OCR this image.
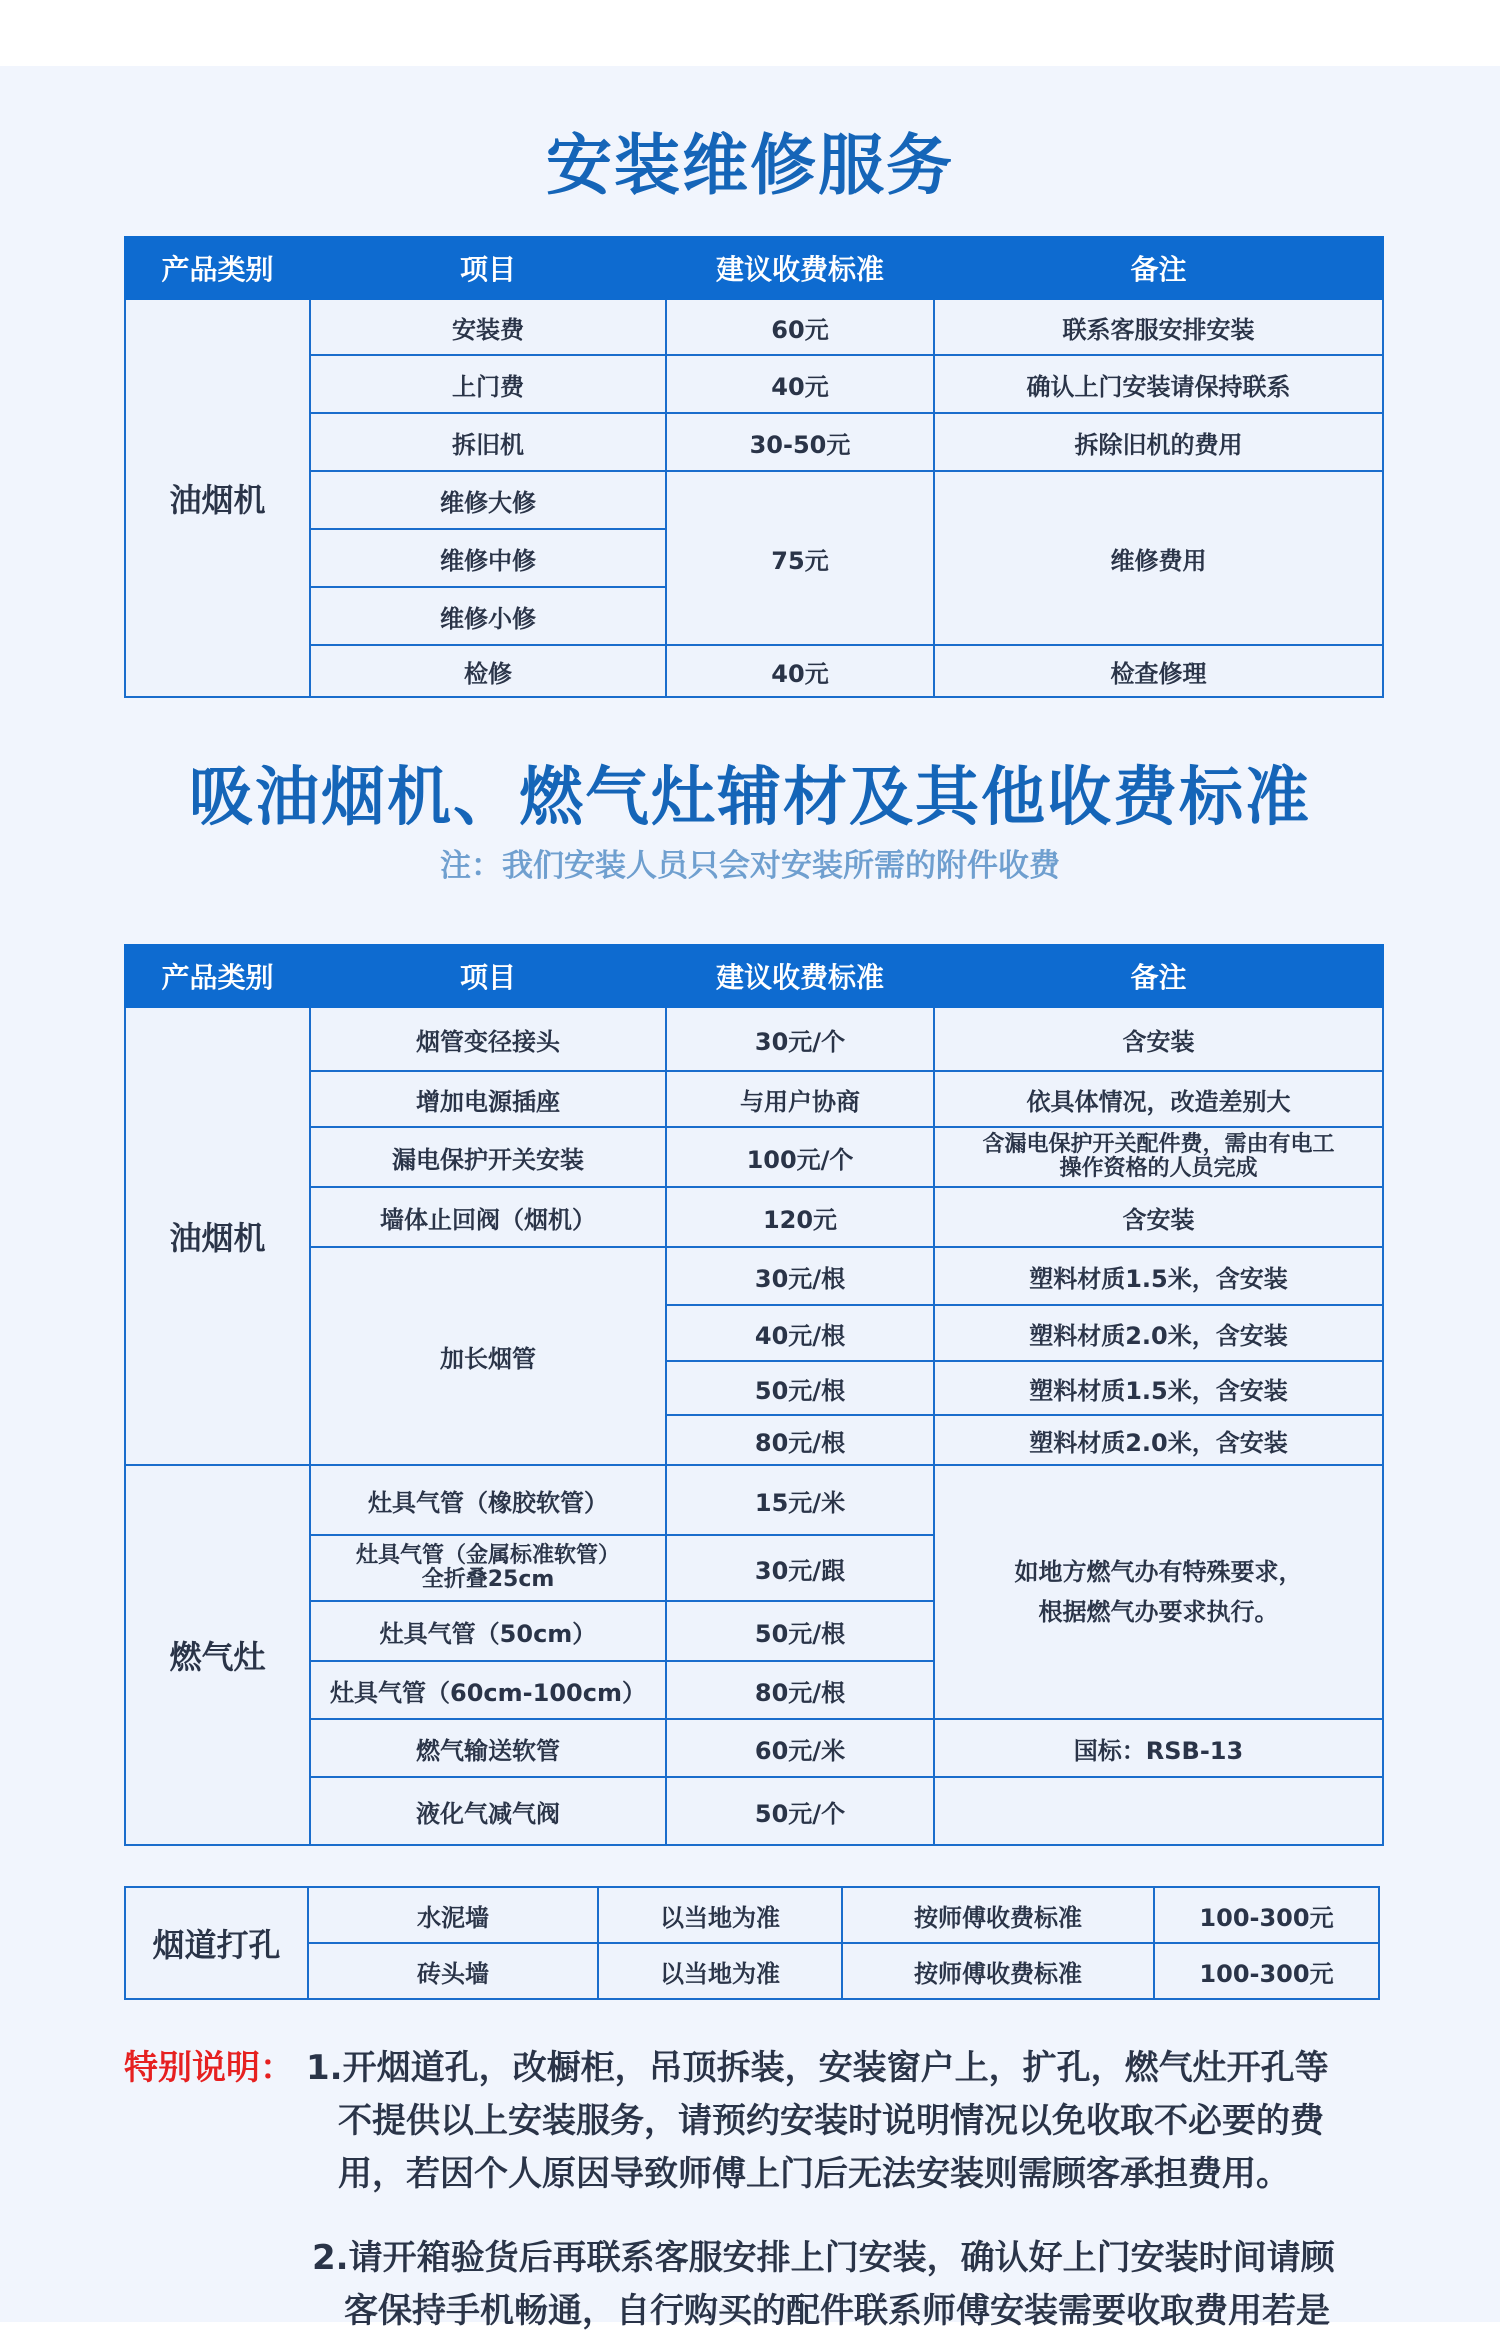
安装维修服务
产品类别	项目	建议收费标准	备注
油烟机	安装费	60元	联系客服安排安装
	上门费	40元	确认上门安装请保持联系
	拆旧机	30-50元	拆除旧机的费用
	维修大修	75元	维修费用
	维修中修		
	维修小修		
	检修	40元	检查修理
吸油烟机、燃气灶辅材及其他收费标准
注：我们安装人员只会对安装所需的附件收费
产品类别	项目	建议收费标准	备注
油烟机	烟管变径接头	30元/个	含安装
	增加电源插座	与用户协商	依具体情况，改造差别大
	漏电保护开关安装	100元/个	含漏电保护开关配件费，需由有电工
操作资格的人员完成

	墙体止回阀（烟机）	120元	含安装
	加长烟管	30元/根	塑料材质1.5米，含安装
		40元/根	塑料材质2.0米，含安装
		50元/根	塑料材质1.5米，含安装
		80元/根	塑料材质2.0米，含安装
燃气灶	灶具气管（橡胶软管）	15元/米	如地方燃气办有特殊要求，
根据燃气办要求执行。

	灶具气管（金属标准软管）
全折叠25cm	30元/跟	
	灶具气管（50cm）	50元/根	
	灶具气管（60cm-100cm）	80元/根	
	燃气输送软管	60元/米	国标：RSB-13
	液化气减气阀	50元/个	
烟道打孔	水泥墙	以当地为准	按师傅收费标准	100-300元
	砖头墙	以当地为准	按师傅收费标准	100-300元
特别说明： 1.开烟道孔，改橱柜，吊顶拆装，安装窗户上，扩孔，燃气灶开孔等
不提供以上安装服务，请预约安装时说明情况以免收取不必要的费
用，若因个人原因导致师傅上门后无法安装则需顾客承担费用。
2.请开箱验货后再联系客服安排上门安装，确认好上门安装时间请顾
客保持手机畅通，自行购买的配件联系师傅安装需要收取费用若是
